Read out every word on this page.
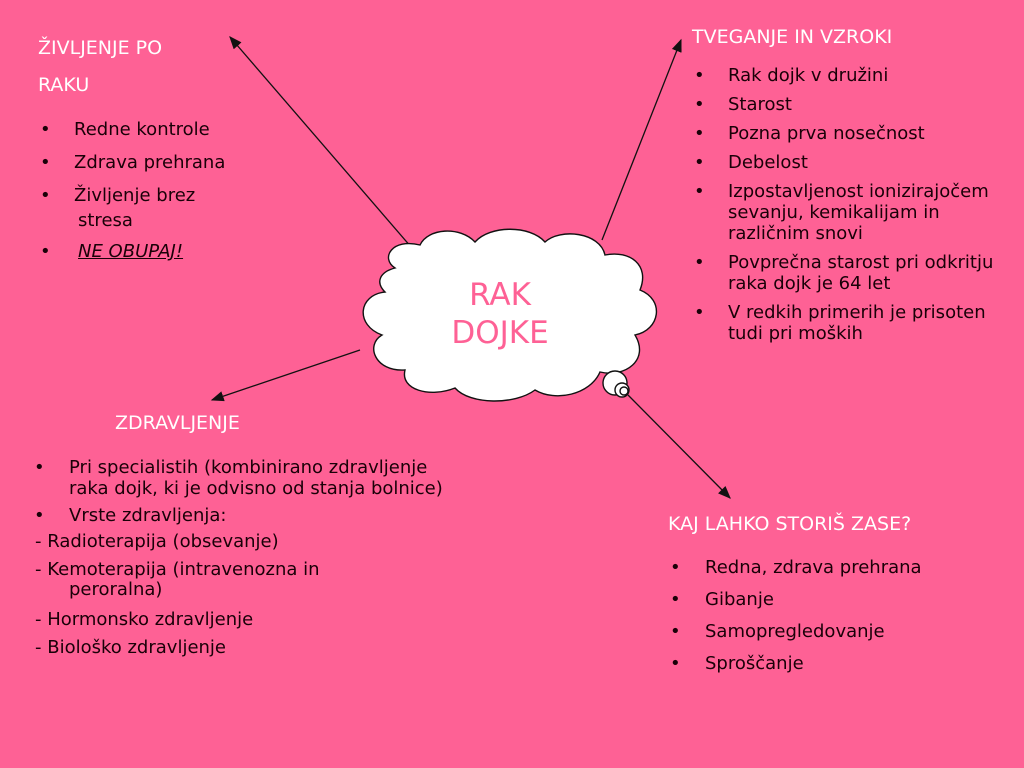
RAK
DOJKE
ŽIVLJENJE PO
RAKU
• Redne kontrole
• Zdrava prehrana
• Življenje brez
stresa
• NE OBUPAJ!
TVEGANJE IN VZROKI
• Rak dojk v družini
• Starost
• Pozna prva nosečnost
• Debelost
• Izpostavljenost ionizirajočem sevanju, kemikalijam in različnim snovi
• Povprečna starost pri odkritju raka dojk je 64 let
• V redkih primerih je prisoten tudi pri moških
ZDRAVLJENJE
• Pri specialistih (kombinirano zdravljenje raka dojk, ki je odvisno od stanja bolnice)
• Vrste zdravljenja:
- Radioterapija (obsevanje)
- Kemoterapija (intravenozna in
peroralna)
- Hormonsko zdravljenje
- Biološko zdravljenje
KAJ LAHKO STORIŠ ZASE?
• Redna, zdrava prehrana
• Gibanje
• Samopregledovanje
• Sproščanje
